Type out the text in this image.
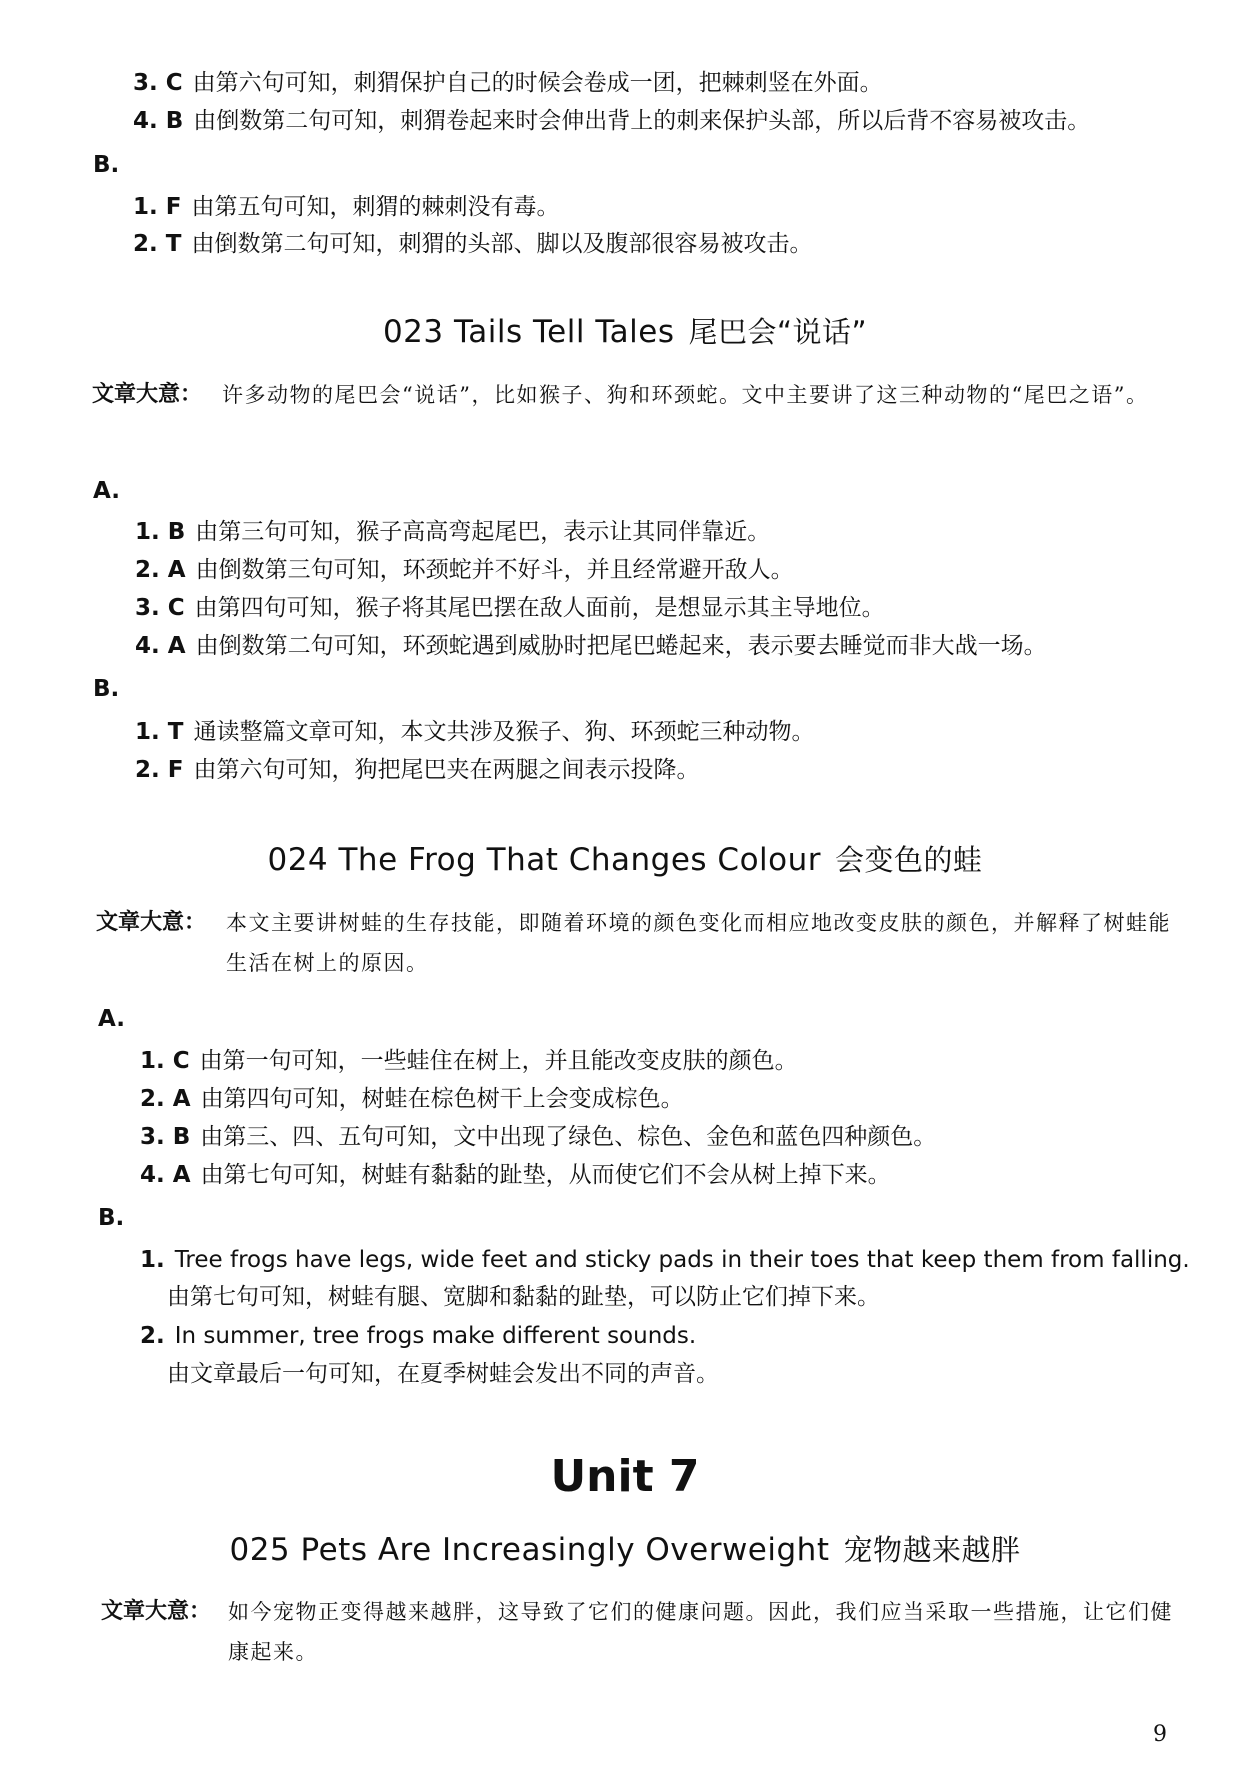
3. C 由第六句可知，刺猬保护自己的时候会卷成一团，把棘刺竖在外面。
4. B 由倒数第二句可知，刺猬卷起来时会伸出背上的刺来保护头部，所以后背不容易被攻击。
B.
1. F 由第五句可知，刺猬的棘刺没有毒。
2. T 由倒数第二句可知，刺猬的头部、脚以及腹部很容易被攻击。
023 Tails Tell Tales 尾巴会“说话”
文章大意： 许多动物的尾巴会“说话”，比如猴子、狗和环颈蛇。文中主要讲了这三种动物的“尾巴之语”。
A.
1. B 由第三句可知，猴子高高弯起尾巴，表示让其同伴靠近。
2. A 由倒数第三句可知，环颈蛇并不好斗，并且经常避开敌人。
3. C 由第四句可知，猴子将其尾巴摆在敌人面前，是想显示其主导地位。
4. A 由倒数第二句可知，环颈蛇遇到威胁时把尾巴蜷起来，表示要去睡觉而非大战一场。
B.
1. T 通读整篇文章可知，本文共涉及猴子、狗、环颈蛇三种动物。
2. F 由第六句可知，狗把尾巴夹在两腿之间表示投降。
024 The Frog That Changes Colour 会变色的蛙
文章大意： 本文主要讲树蛙的生存技能，即随着环境的颜色变化而相应地改变皮肤的颜色，并解释了树蛙能生活在树上的原因。
A.
1. C 由第一句可知，一些蛙住在树上，并且能改变皮肤的颜色。
2. A 由第四句可知，树蛙在棕色树干上会变成棕色。
3. B 由第三、四、五句可知，文中出现了绿色、棕色、金色和蓝色四种颜色。
4. A 由第七句可知，树蛙有黏黏的趾垫，从而使它们不会从树上掉下来。
B.
1. Tree frogs have legs, wide feet and sticky pads in their toes that keep them from falling.
由第七句可知，树蛙有腿、宽脚和黏黏的趾垫，可以防止它们掉下来。
2. In summer, tree frogs make different sounds.
由文章最后一句可知，在夏季树蛙会发出不同的声音。
Unit 7
025 Pets Are Increasingly Overweight 宠物越来越胖
文章大意： 如今宠物正变得越来越胖，这导致了它们的健康问题。因此，我们应当采取一些措施，让它们健康起来。
9
